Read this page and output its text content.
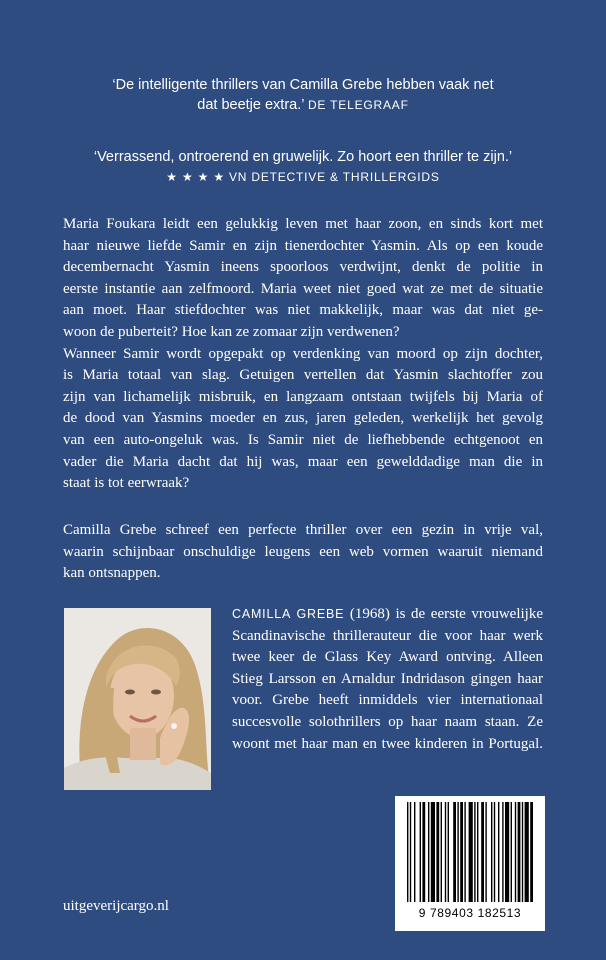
‘De intelligente thrillers van Camilla Grebe hebben vaak net
dat beetje extra.’ DE TELEGRAAF
‘Verrassend, ontroerend en gruwelijk. Zo hoort een thriller te zijn.’
★ ★ ★ ★ VN DETECTIVE & THRILLERGIDS
Maria Foukara leidt een gelukkig leven met haar zoon, en sinds kort met
haar nieuwe liefde Samir en zijn tienerdochter Yasmin. Als op een koude
decembernacht Yasmin ineens spoorloos verdwijnt, denkt de politie in
eerste instantie aan zelfmoord. Maria weet niet goed wat ze met de situatie
aan moet. Haar stiefdochter was niet makkelijk, maar was dat niet ge-
woon de puberteit? Hoe kan ze zomaar zijn verdwenen?
Wanneer Samir wordt opgepakt op verdenking van moord op zijn dochter,
is Maria totaal van slag. Getuigen vertellen dat Yasmin slachtoffer zou
zijn van lichamelijk misbruik, en langzaam ontstaan twijfels bij Maria of
de dood van Yasmins moeder en zus, jaren geleden, werkelijk het gevolg
van een auto-ongeluk was. Is Samir niet de liefhebbende echtgenoot en
vader die Maria dacht dat hij was, maar een gewelddadige man die in
staat is tot eerwraak?
Camilla Grebe schreef een perfecte thriller over een gezin in vrije val,
waarin schijnbaar onschuldige leugens een web vormen waaruit niemand
kan ontsnappen.
CAMILLA GREBE (1968) is de eerste vrouwelijke
Scandinavische thrillerauteur die voor haar werk
twee keer de Glass Key Award ontving. Alleen
Stieg Larsson en Arnaldur Indridason gingen haar
voor. Grebe heeft inmiddels vier internationaal
succesvolle solothrillers op haar naam staan. Ze
woont met haar man en twee kinderen in Portugal.
9 789403 182513
uitgeverijcargo.nl
